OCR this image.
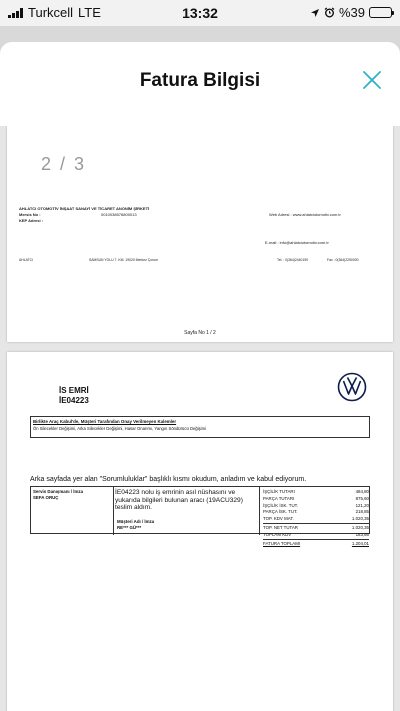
Turkcell LTE	13:32	%39
Fatura Bilgisi
2 / 3
AHLATCI OTOMOTİV İNŞAAT SANAYİ VE TİCARET ANONİM ŞİRKETİ
Mersis No :	0010038576800013
KEP Adresi :
Web Adresi : www.ahlatciotomotiv.com.tr
E-mail : info@ahlatciotomotiv.com.tr
AHLATCI	SAMSUN YOLU 7. KM. 19020 Merkez Çorum	Tel. : 0(364)2440190	Fax : 0(364)2250000
Sayfa No 1 / 2
İS EMRİ
İE04223
Birlikte Araç Kabul'de, Müşteri Tarafından Onay Verilmeyen Kalemler
Ön Silecekler Değişimi, Arka Silecekler Değişimi, Hasar Onarımı, Yangın Söndürücü Değişimi
Arka sayfada yer alan "Sorumluluklar" başlıklı kısmı okudum, anladım ve kabul ediyorum.
Servis Danışmanı / İmza
SEFA ORUÇ
İE04223 nolu iş emrinin asıl nüshasını ve yukarıda bilgileri bulunan aracı (19ACU329) teslim aldım.
Müşteri Adı / İmza
RE*** GÜ***
İŞÇİLİK TUTARI	484,80
PARÇA TUTARI	875,60
İŞÇİLİK İSK. TUT.	121,20
PARÇA İSK. TUT.	218,85
TOP. KDV MAT.	1.020,35
TOP. NET TUTAR	1.020,35
TOPLAM KDV	183,66
FATURA TOPLAMI	1.204,01
